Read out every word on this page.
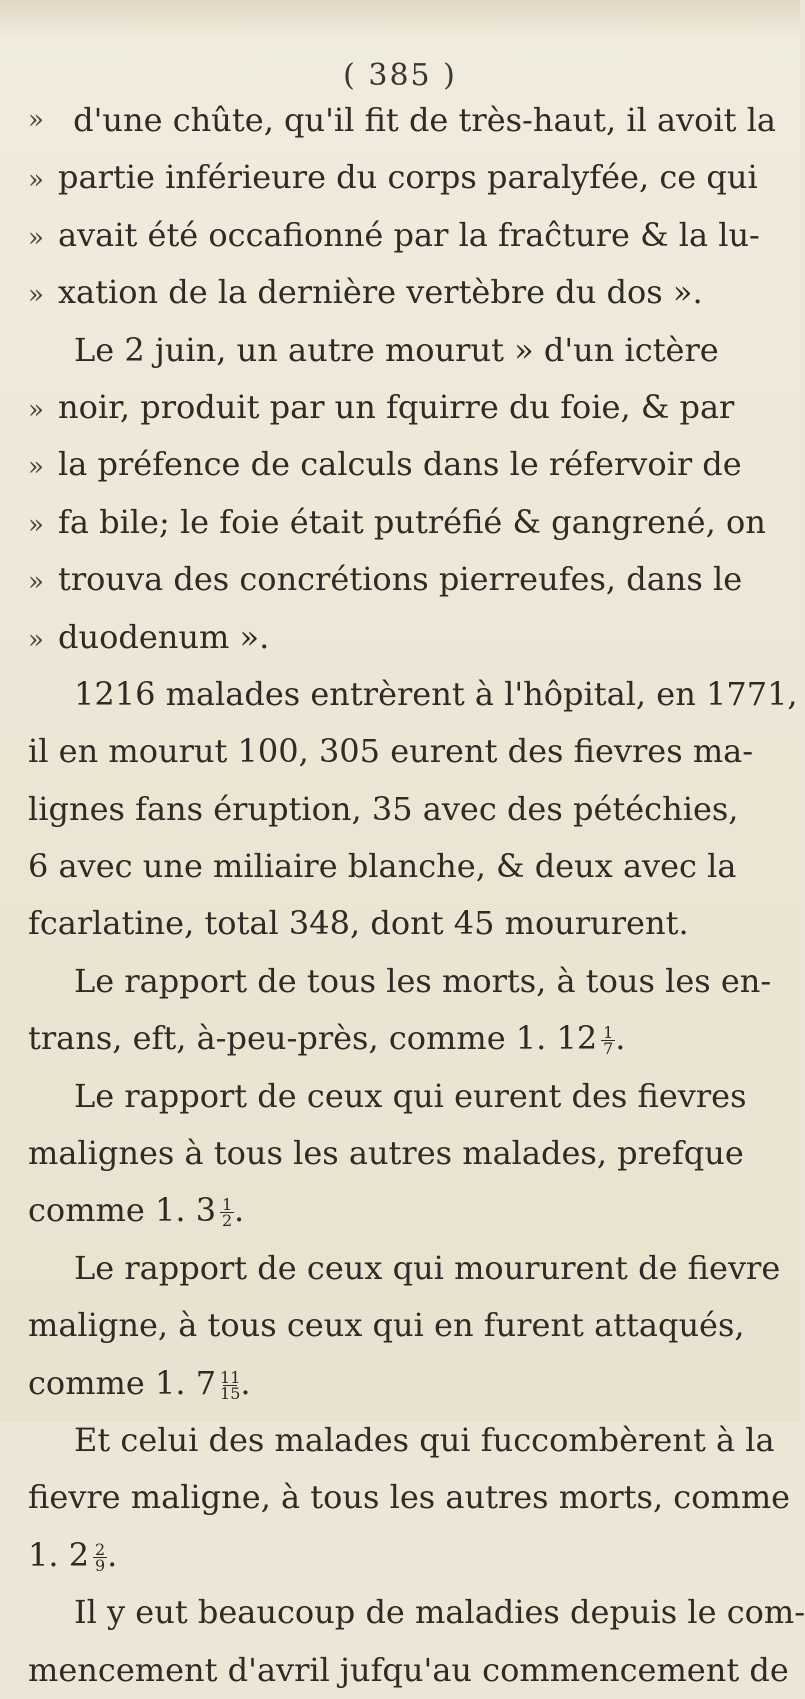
( 385 )
» d'une chûte, qu'il fit de très-haut, il avoit la
» partie inférieure du corps paralyfée, ce qui
» avait été occafionné par la fraĉture & la lu-
» xation de la dernière vertèbre du dos ».
Le 2 juin, un autre mourut » d'un ictère
» noir, produit par un fquirre du foie, & par
» la préfence de calculs dans le réfervoir de
» fa bile; le foie était putréfié & gangrené, on
» trouva des concrétions pierreufes, dans le
» duodenum ».
1216 malades entrèrent à l'hôpital, en 1771,
il en mourut 100, 305 eurent des fievres ma-
lignes fans éruption, 35 avec des pétéchies,
6 avec une miliaire blanche, & deux avec la
fcarlatine, total 348, dont 45 moururent.
Le rapport de tous les morts, à tous les en-
trans, eft, à-peu-près, comme 1. $12 \frac{1}{7}$ .
Le rapport de ceux qui eurent des fievres
malignes à tous les autres malades, prefque
comme 1. $3 \frac{1}{2}$ .
Le rapport de ceux qui moururent de fievre
maligne, à tous ceux qui en furent attaqués,
comme 1. $7 \frac{11}{15}$ .
Et celui des malades qui fuccombèrent à la
fievre maligne, à tous les autres morts, comme
1. $2 \frac{2}{9}$ .
Il y eut beaucoup de maladies depuis le com-
mencement d'avril jufqu'au commencement de
